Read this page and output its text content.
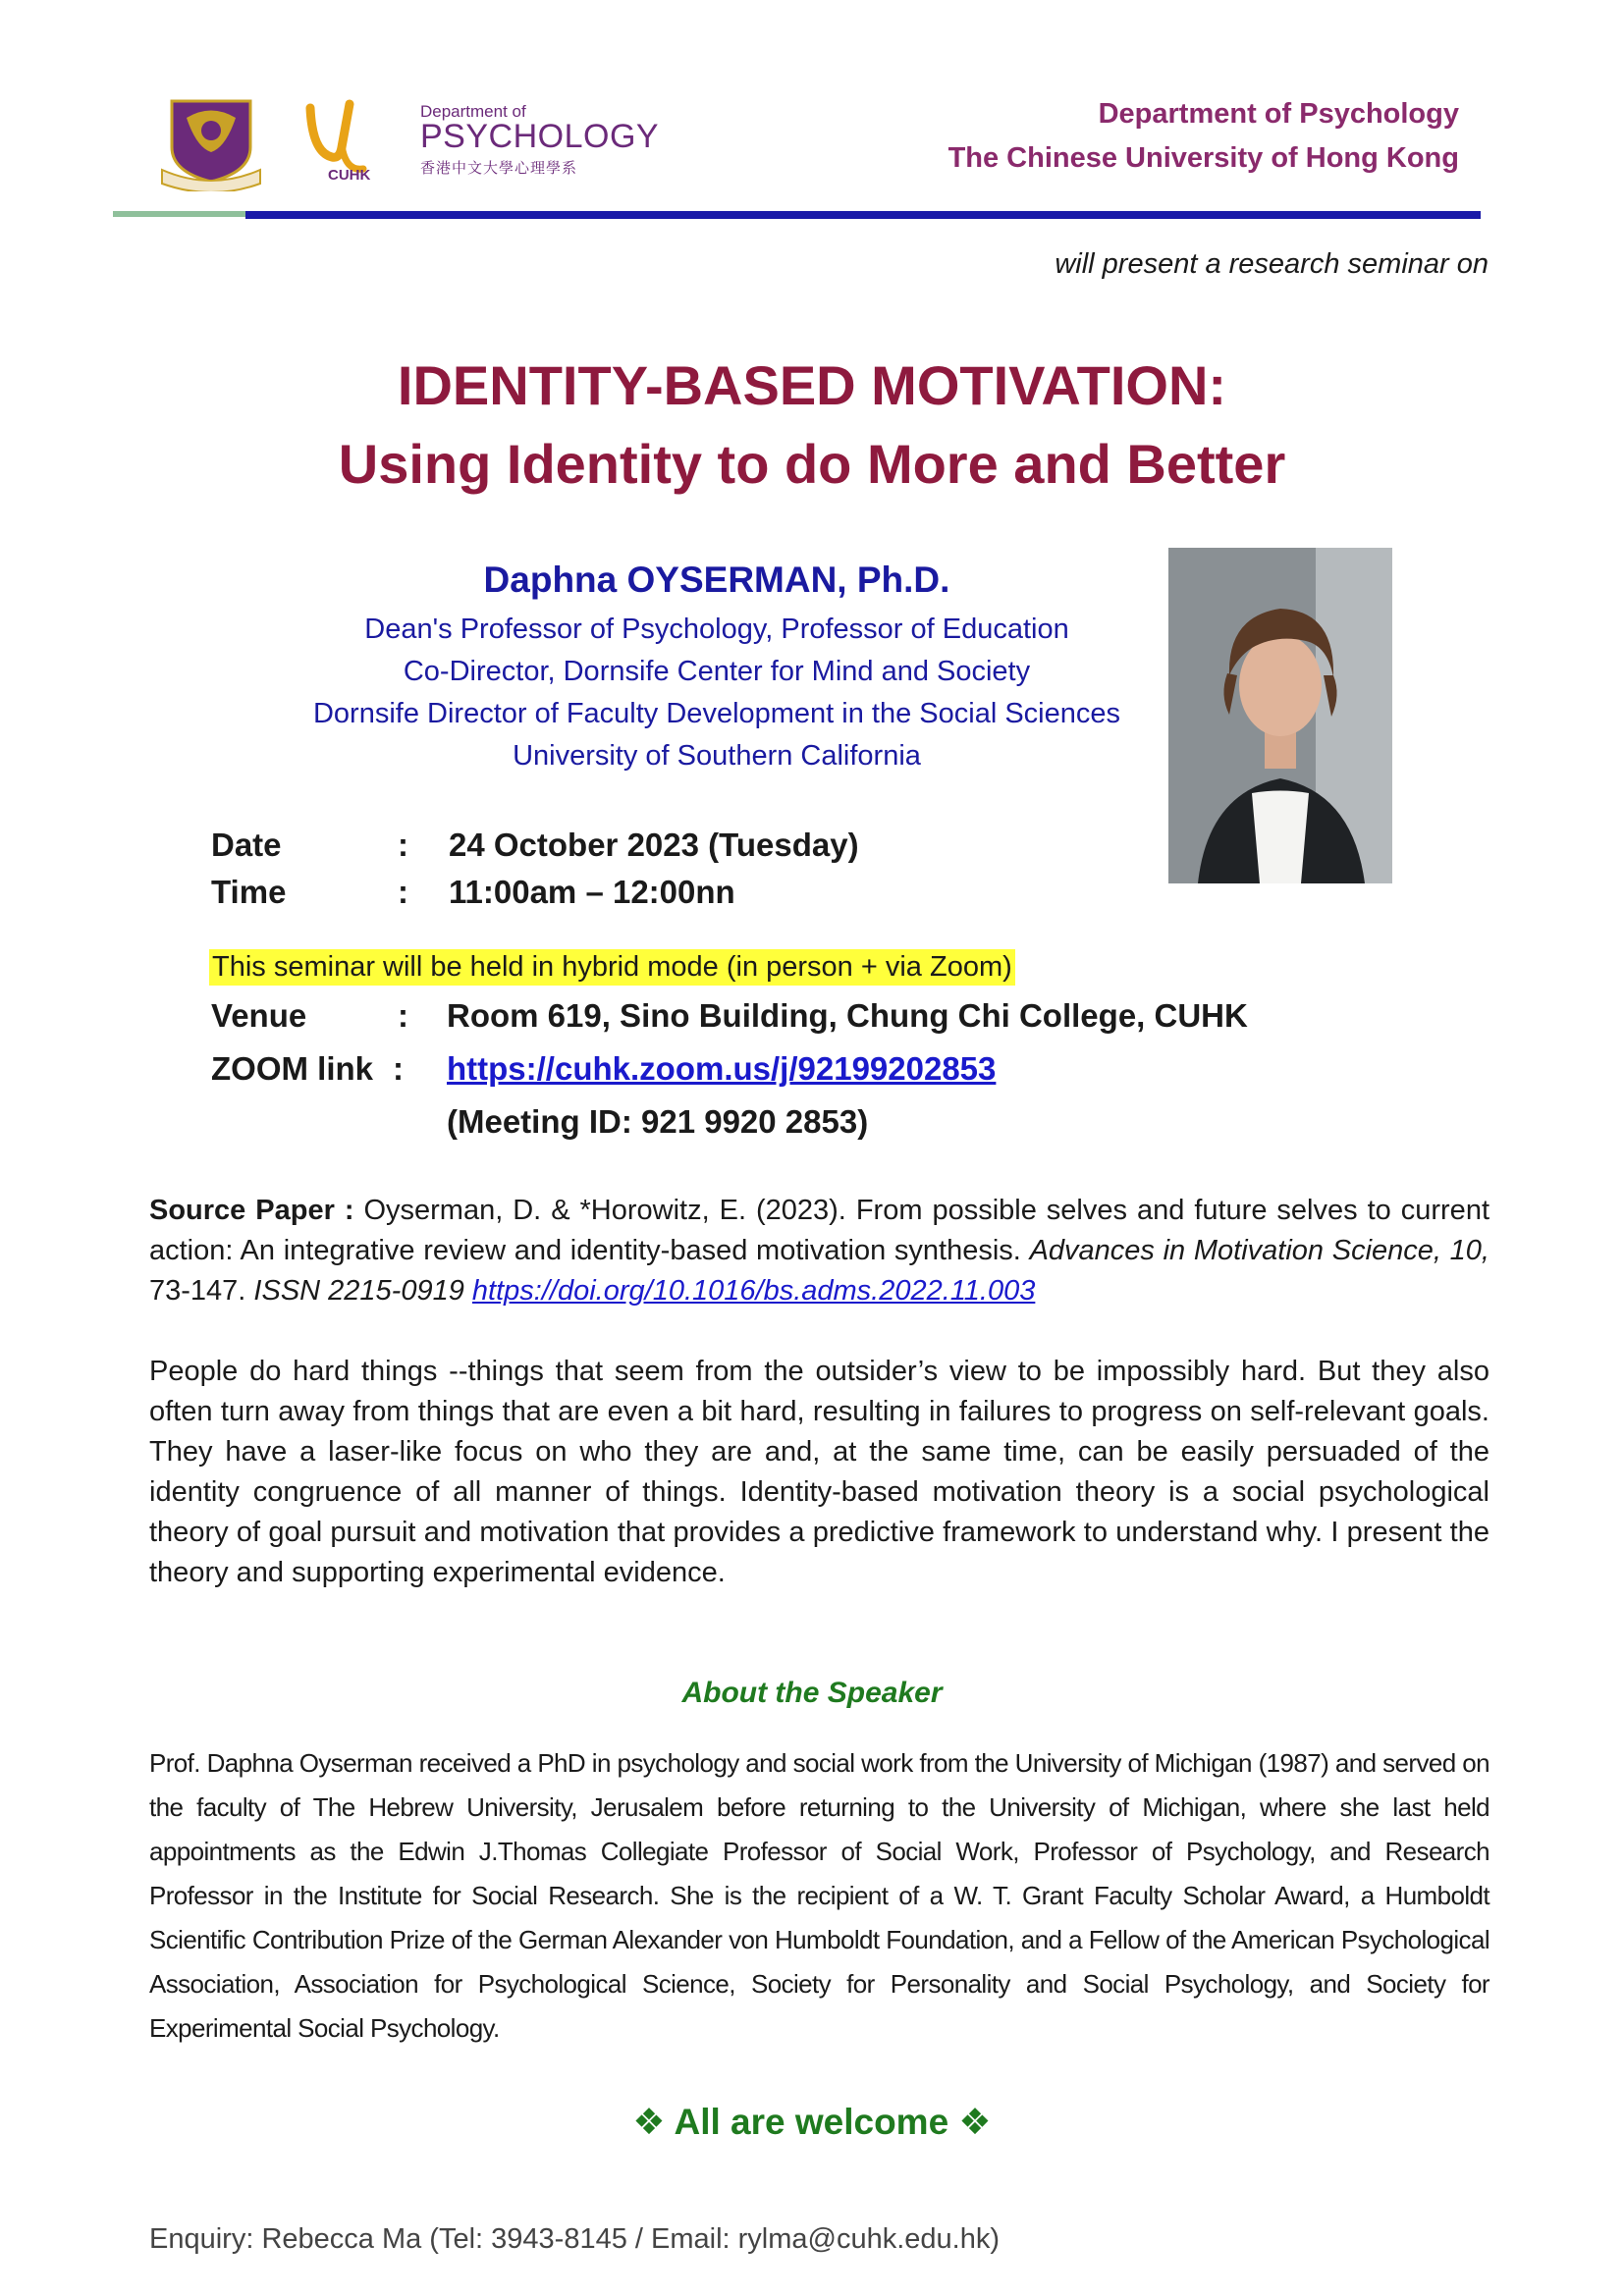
CUHK
Department of
PSYCHOLOGY
香港中文大學心理學系
Department of Psychology
The Chinese University of Hong Kong
will present a research seminar on
IDENTITY-BASED MOTIVATION:
Using Identity to do More and Better
Daphna OYSERMAN, Ph.D.
Dean's Professor of Psychology, Professor of Education
Co-Director, Dornsife Center for Mind and Society
Dornsife Director of Faculty Development in the Social Sciences
University of Southern California
Date	: 24 October 2023 (Tuesday)
Time	: 11:00am – 12:00nn
This seminar will be held in hybrid mode (in person + via Zoom)
Venue	: Room 619, Sino Building, Chung Chi College, CUHK
ZOOM link : https://cuhk.zoom.us/j/92199202853
(Meeting ID: 921 9920 2853)
Source Paper : Oyserman, D. & *Horowitz, E. (2023). From possible selves and future selves to current action: An integrative review and identity-based motivation synthesis. Advances in Motivation Science, 10, 73-147. ISSN 2215-0919 https://doi.org/10.1016/bs.adms.2022.11.003
People do hard things --things that seem from the outsider’s view to be impossibly hard. But they also often turn away from things that are even a bit hard, resulting in failures to progress on self-relevant goals. They have a laser-like focus on who they are and, at the same time, can be easily persuaded of the identity congruence of all manner of things. Identity-based motivation theory is a social psychological theory of goal pursuit and motivation that provides a predictive framework to understand why. I present the theory and supporting experimental evidence.
About the Speaker
Prof. Daphna Oyserman received a PhD in psychology and social work from the University of Michigan (1987) and served on the faculty of The Hebrew University, Jerusalem before returning to the University of Michigan, where she last held appointments as the Edwin J.Thomas Collegiate Professor of Social Work, Professor of Psychology, and Research Professor in the Institute for Social Research. She is the recipient of a W. T. Grant Faculty Scholar Award, a Humboldt Scientific Contribution Prize of the German Alexander von Humboldt Foundation, and a Fellow of the American Psychological Association, Association for Psychological Science, Society for Personality and Social Psychology, and Society for Experimental Social Psychology.
❖ All are welcome ❖
Enquiry: Rebecca Ma (Tel: 3943-8145 / Email: rylma@cuhk.edu.hk)
